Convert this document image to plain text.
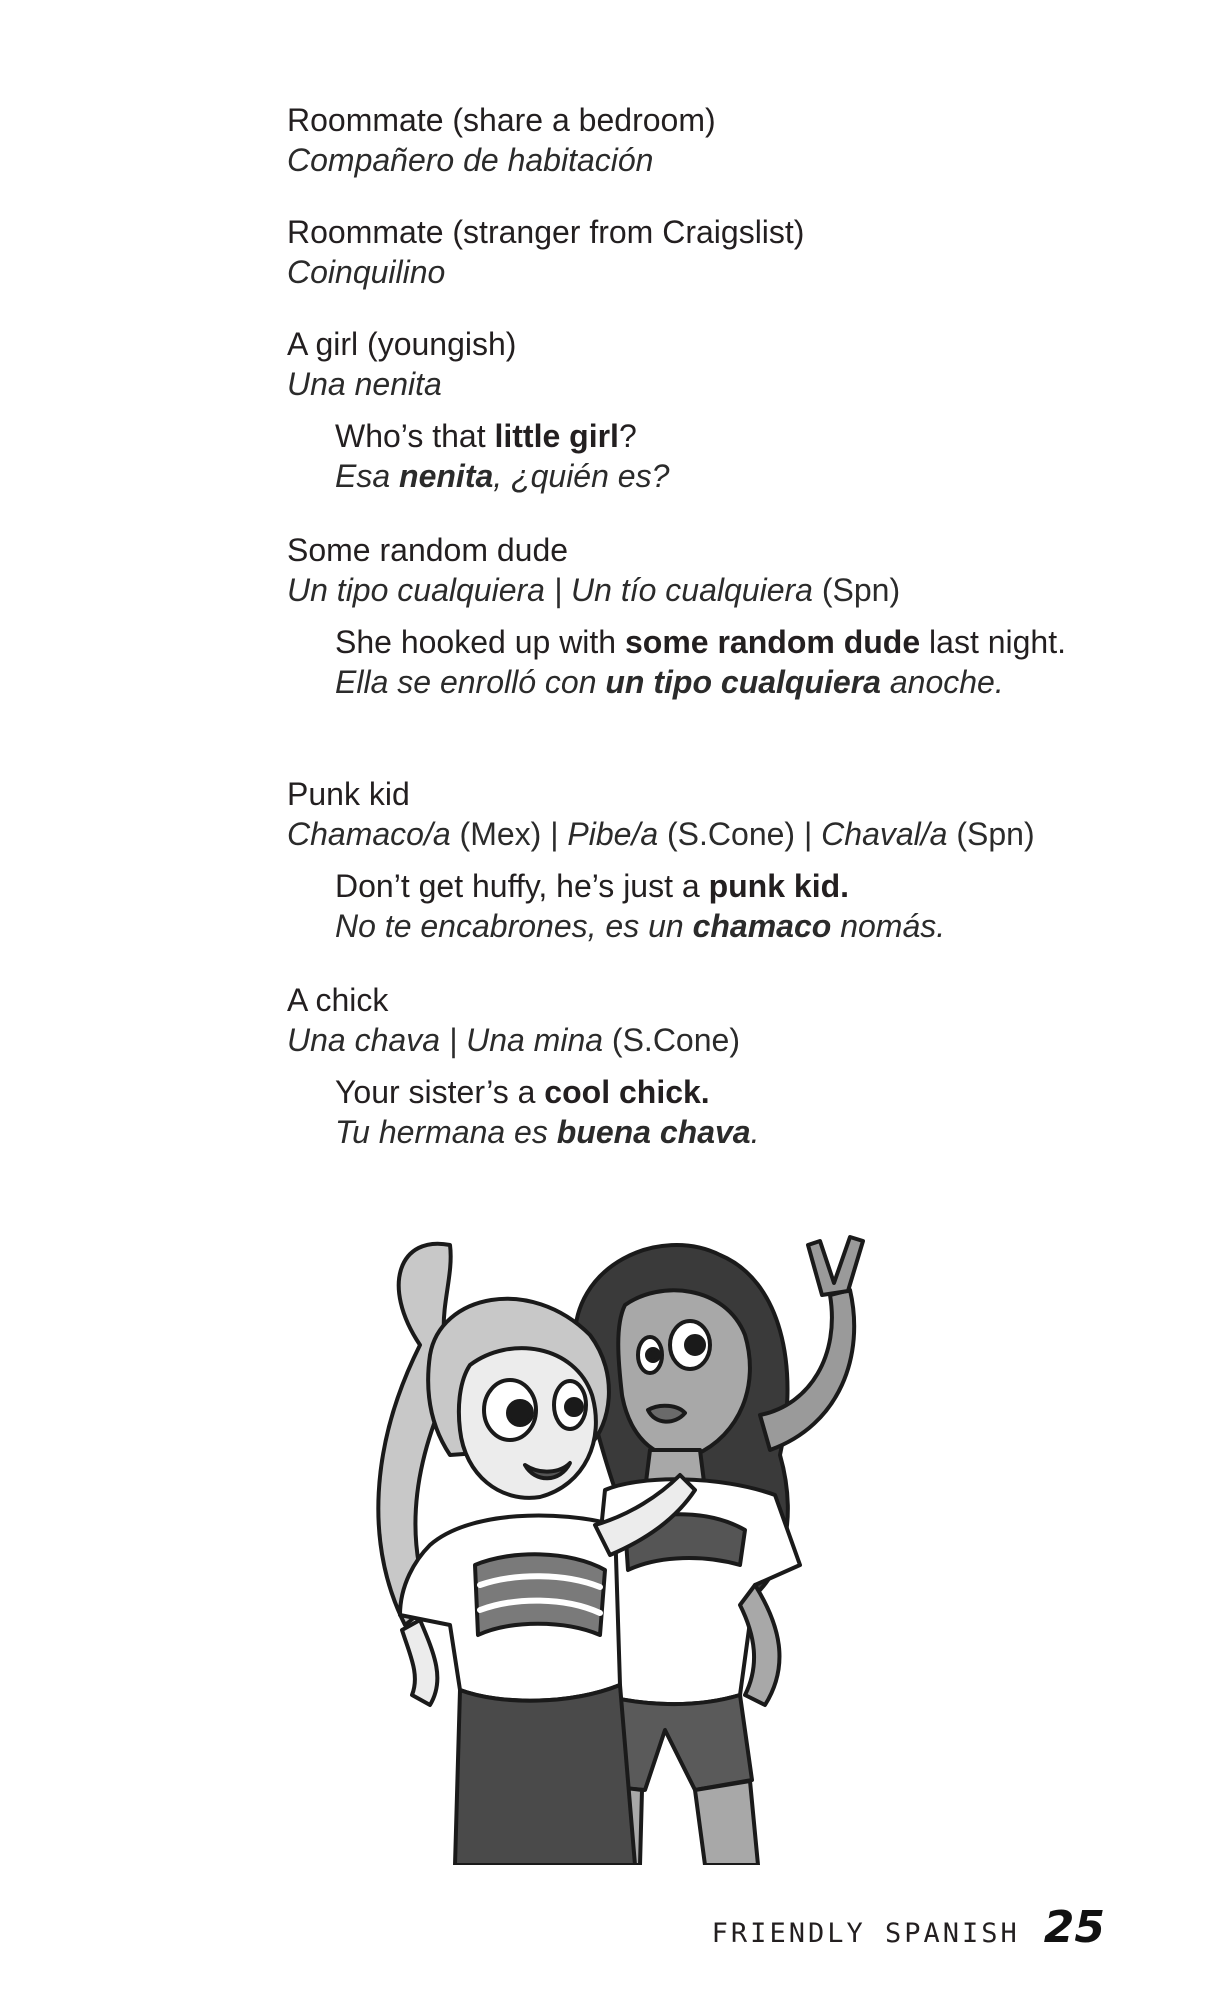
Roommate (share a bedroom)
Compañero de habitación
Roommate (stranger from Craigslist)
Coinquilino
A girl (youngish)
Una nenita
Who’s that little girl?
Esa nenita, ¿quién es?
Some random dude
Un tipo cualquiera | Un tío cualquiera (Spn)
She hooked up with some random dude last night.
Ella se enrolló con un tipo cualquiera anoche.
Punk kid
Chamaco/a (Mex) | Pibe/a (S.Cone) | Chaval/a (Spn)
Don’t get huffy, he’s just a punk kid.
No te encabrones, es un chamaco nomás.
A chick
Una chava | Una mina (S.Cone)
Your sister’s a cool chick.
Tu hermana es buena chava.
FRIENDLY SPANISH 25
